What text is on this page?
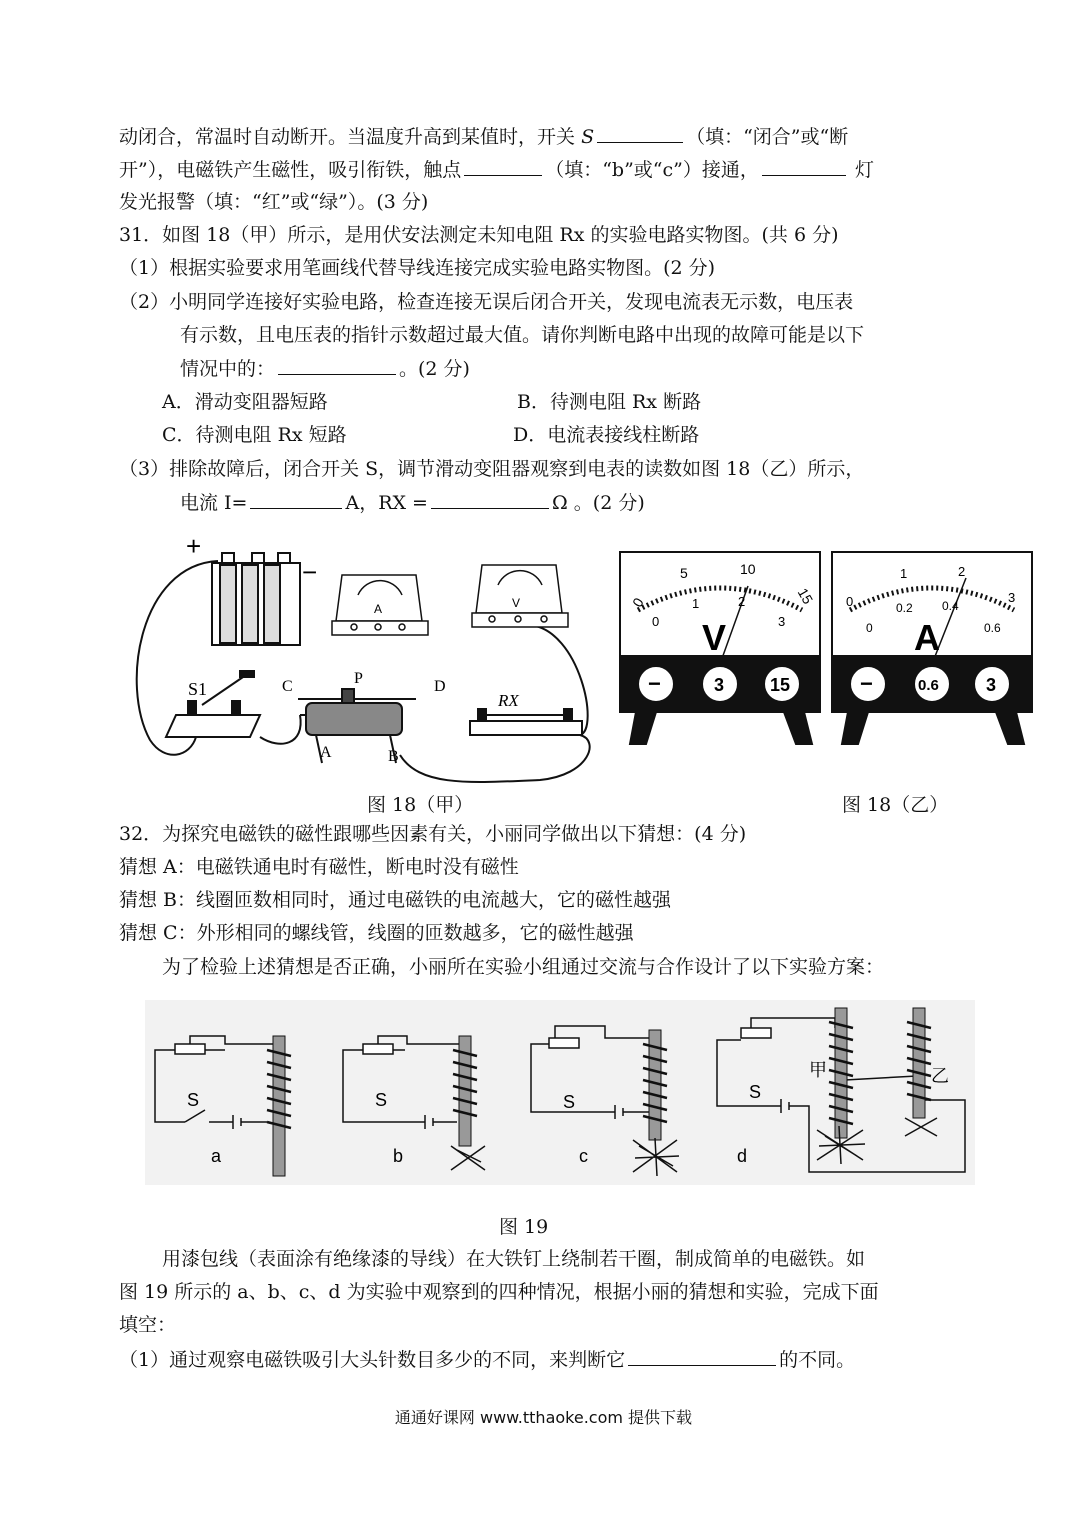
动闭合，常温时自动断开。当温度升高到某值时，开关 S	（填：“闭合”或“断
开”），电磁铁产生磁性，吸引衔铁，触点	（填：“b”或“c”）接通，	灯
发光报警（填：“红”或“绿”）。(3 分)
31．如图 18（甲）所示，是用伏安法测定未知电阻 Rx 的实验电路实物图。(共 6 分)
（1）根据实验要求用笔画线代替导线连接完成实验电路实物图。(2 分)
（2）小明同学连接好实验电路，检查连接无误后闭合开关，发现电流表无示数，电压表
有示数，且电压表的指针示数超过最大值。请你判断电路中出现的故障可能是以下
情况中的：	。(2 分)
A．滑动变阻器短路	B．待测电阻 Rx 断路
C．待测电阻 Rx 短路	D．电流表接线柱断路
（3）排除故障后，闭合开关 S，调节滑动变阻器观察到电表的读数如图 18（乙）所示，
电流 I=	A，RX =	Ω 。(2 分)
+
−
S1	C	P	D
A	B
RX
A	V	0
5	10
15
0
1	2
3
V
−	3	15
0
1	2
3
0
0.2 0.4
0.6
A
−	0.6	3
图 18（甲）	图 18（乙）
32．为探究电磁铁的磁性跟哪些因素有关，小丽同学做出以下猜想：(4 分)
猜想 A：电磁铁通电时有磁性，断电时没有磁性
猜想 B：线圈匝数相同时，通过电磁铁的电流越大，它的磁性越强
猜想 C：外形相同的螺线管，线圈的匝数越多，它的磁性越强
为了检验上述猜想是否正确，小丽所在实验小组通过交流与合作设计了以下实验方案：
S
a
S
b
S
c
S
d
甲	乙
图 19
用漆包线（表面涂有绝缘漆的导线）在大铁钉上绕制若干圈，制成简单的电磁铁。如
图 19 所示的 a、b、c、d 为实验中观察到的四种情况，根据小丽的猜想和实验，完成下面
填空：
（1）通过观察电磁铁吸引大头针数目多少的不同，来判断它	的不同。
通通好课网 www.tthaoke.com 提供下载
